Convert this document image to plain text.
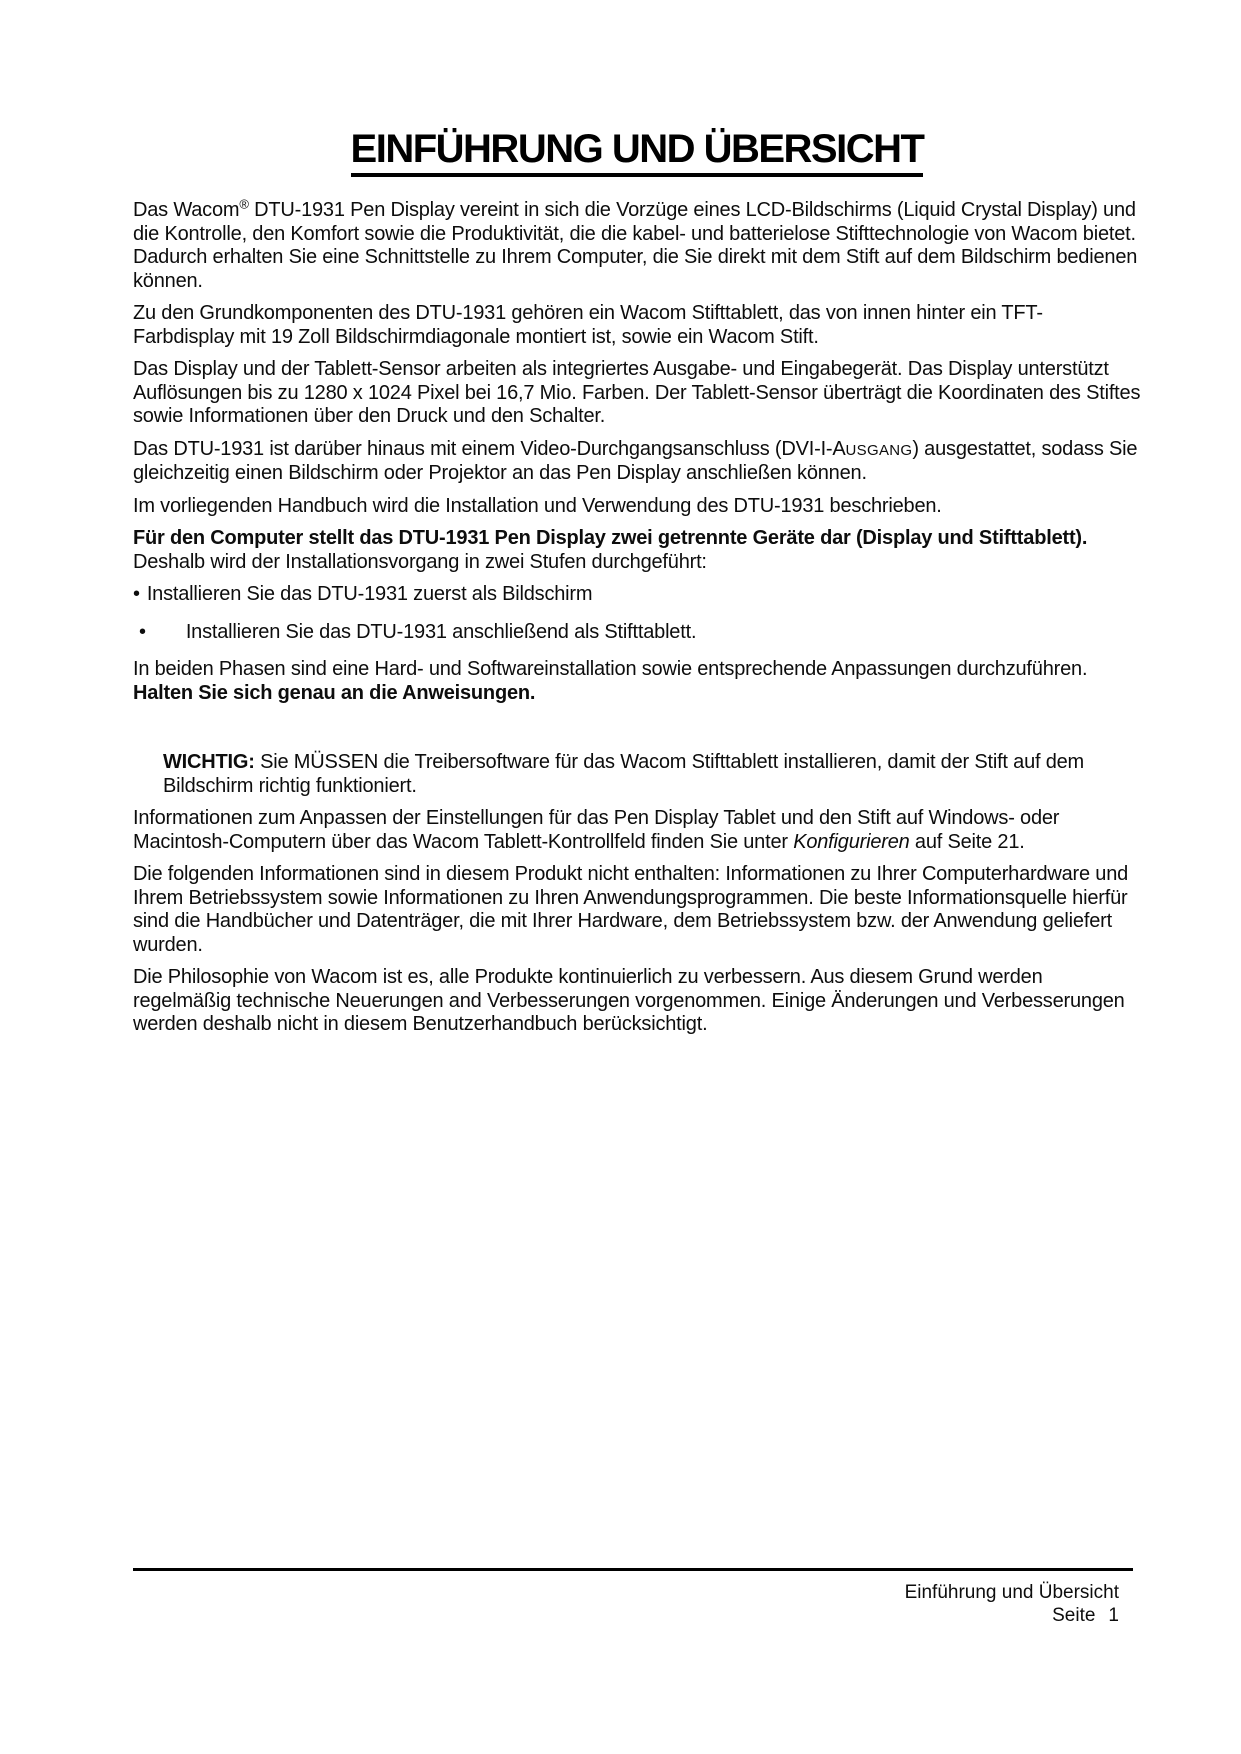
EINFÜHRUNG UND ÜBERSICHT

Das Wacom® DTU-1931 Pen Display vereint in sich die Vorzüge eines LCD-Bildschirms (Liquid Crystal Display) und die Kontrolle, den Komfort sowie die Produktivität, die die kabel- und batterielose Stifttechnologie von Wacom bietet. Dadurch erhalten Sie eine Schnittstelle zu Ihrem Computer, die Sie direkt mit dem Stift auf dem Bildschirm bedienen können.

Zu den Grundkomponenten des DTU-1931 gehören ein Wacom Stifttablett, das von innen hinter ein TFT-Farbdisplay mit 19 Zoll Bildschirmdiagonale montiert ist, sowie ein Wacom Stift.

Das Display und der Tablett-Sensor arbeiten als integriertes Ausgabe- und Eingabegerät. Das Display unterstützt Auflösungen bis zu 1280 x 1024 Pixel bei 16,7 Mio. Farben. Der Tablett-Sensor überträgt die Koordinaten des Stiftes sowie Informationen über den Druck und den Schalter.

Das DTU-1931 ist darüber hinaus mit einem Video-Durchgangsanschluss (DVI-I-AUSGANG) ausgestattet, sodass Sie gleichzeitig einen Bildschirm oder Projektor an das Pen Display anschließen können.

Im vorliegenden Handbuch wird die Installation und Verwendung des DTU-1931 beschrieben.

Für den Computer stellt das DTU-1931 Pen Display zwei getrennte Geräte dar (Display und Stifttablett). Deshalb wird der Installationsvorgang in zwei Stufen durchgeführt:

• Installieren Sie das DTU-1931 zuerst als Bildschirm
• Installieren Sie das DTU-1931 anschließend als Stifttablett.

In beiden Phasen sind eine Hard- und Softwareinstallation sowie entsprechende Anpassungen durchzuführen. Halten Sie sich genau an die Anweisungen.

WICHTIG: Sie MÜSSEN die Treibersoftware für das Wacom Stifttablett installieren, damit der Stift auf dem Bildschirm richtig funktioniert.

Informationen zum Anpassen der Einstellungen für das Pen Display Tablet und den Stift auf Windows- oder Macintosh-Computern über das Wacom Tablett-Kontrollfeld finden Sie unter Konfigurieren auf Seite 21.

Die folgenden Informationen sind in diesem Produkt nicht enthalten: Informationen zu Ihrer Computerhardware und Ihrem Betriebssystem sowie Informationen zu Ihren Anwendungsprogrammen. Die beste Informationsquelle hierfür sind die Handbücher und Datenträger, die mit Ihrer Hardware, dem Betriebssystem bzw. der Anwendung geliefert wurden.

Die Philosophie von Wacom ist es, alle Produkte kontinuierlich zu verbessern. Aus diesem Grund werden regelmäßig technische Neuerungen and Verbesserungen vorgenommen. Einige Änderungen und Verbesserungen werden deshalb nicht in diesem Benutzerhandbuch berücksichtigt.

Einführung und Übersicht
Seite 1
